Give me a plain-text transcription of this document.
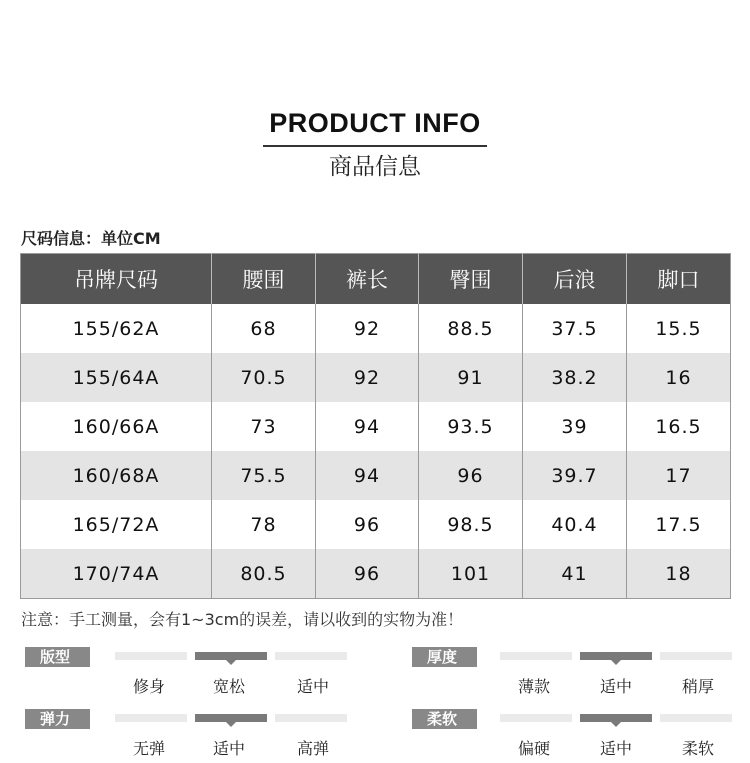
PRODUCT INFO
商品信息
尺码信息：单位CM
吊牌尺码	腰围	裤长	臀围	后浪	脚口
155/62A	68	92	88.5	37.5	15.5
155/64A	70.5	92	91	38.2	16
160/66A	73	94	93.5	39	16.5
160/68A	75.5	94	96	39.7	17
165/72A	78	96	98.5	40.4	17.5
170/74A	80.5	96	101	41	18
注意：手工测量，会有1~3cm的误差，请以收到的实物为准！
版型
修身	宽松	适中
厚度
薄款	适中	稍厚
弹力
无弹	适中	高弹
柔软
偏硬	适中	柔软
